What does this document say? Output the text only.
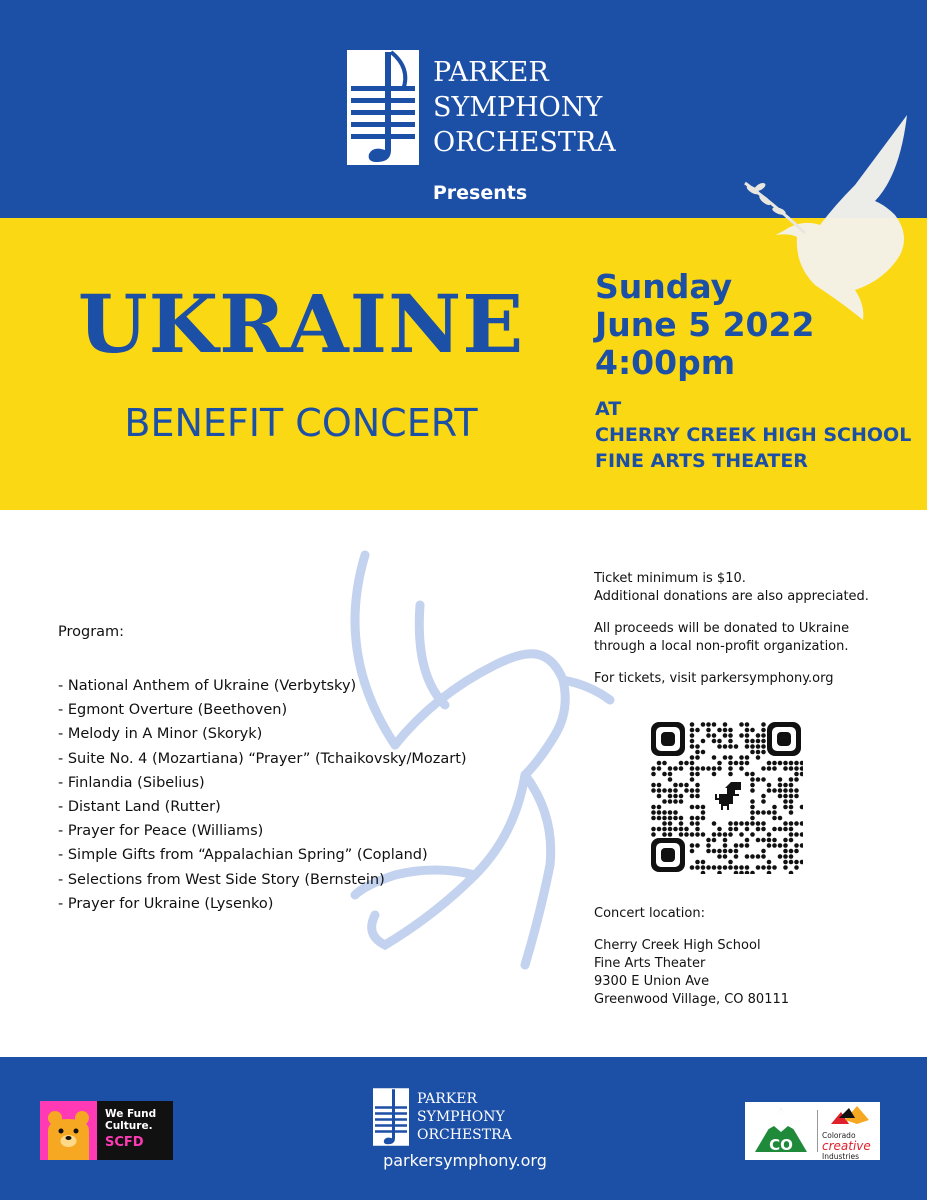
PARKER
SYMPHONY
ORCHESTRA
Presents
UKRAINE
BENEFIT CONCERT
Sunday
June 5 2022
4:00pm
AT
CHERRY CREEK HIGH SCHOOL
FINE ARTS THEATER
Program:
- National Anthem of Ukraine (Verbytsky)
- Egmont Overture (Beethoven)
- Melody in A Minor (Skoryk)
- Suite No. 4 (Mozartiana) “Prayer” (Tchaikovsky/Mozart)
- Finlandia (Sibelius)
- Distant Land (Rutter)
- Prayer for Peace (Williams)
- Simple Gifts from “Appalachian Spring” (Copland)
- Selections from West Side Story (Bernstein)
- Prayer for Ukraine (Lysenko)
Ticket minimum is $10.
Additional donations are also appreciated.
All proceeds will be donated to Ukraine
through a local non-profit organization.
For tickets, visit parkersymphony.org
Concert location:
Cherry Creek High School
Fine Arts Theater
9300 E Union Ave
Greenwood Village, CO 80111
We Fund
Culture.
SCFD
PARKER
SYMPHONY
ORCHESTRA
parkersymphony.org
CO
Colorado
creative
Industries
